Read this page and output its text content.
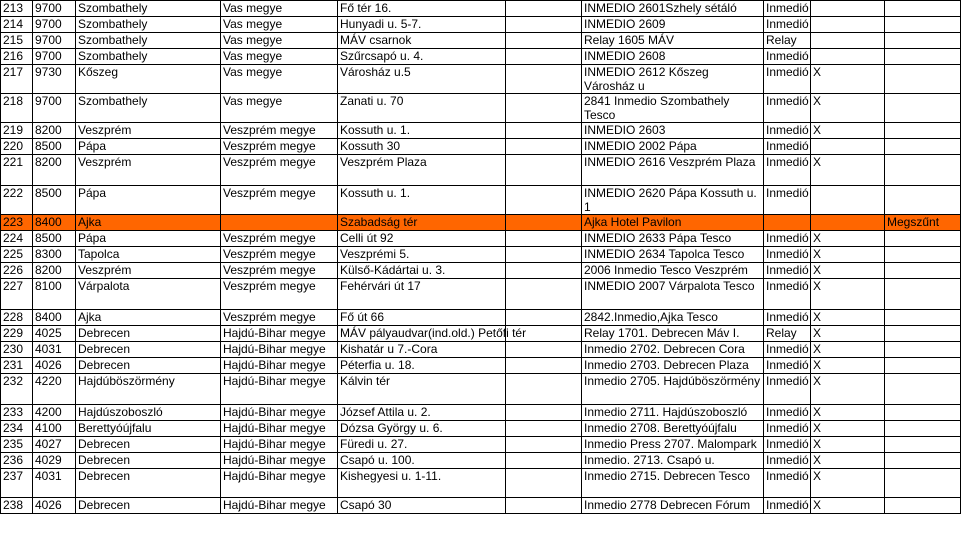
213	9700	Szombathely	Vas megye	Fő tér 16.		INMEDIO 2601Szhely sétáló	Inmedió		
214	9700	Szombathely	Vas megye	Hunyadi u. 5-7.		INMEDIO 2609	Inmedió		
215	9700	Szombathely	Vas megye	MÁV csarnok		Relay 1605 MÁV	Relay		
216	9700	Szombathely	Vas megye	Szűrcsapó u. 4.		INMEDIO 2608	Inmedió		
217	9730	Kőszeg	Vas megye	Városház u.5		INMEDIO 2612 Kőszeg Városház u	Inmedió	X	
218	9700	Szombathely	Vas megye	Zanati u. 70		2841 Inmedio Szombathely Tesco	Inmedió	X	
219	8200	Veszprém	Veszprém megye	Kossuth u. 1.		INMEDIO 2603	Inmedió	X	
220	8500	Pápa	Veszprém megye	Kossuth 30		INMEDIO 2002 Pápa	Inmedió		
221	8200	Veszprém	Veszprém megye	Veszprém Plaza		INMEDIO 2616 Veszprém Plaza	Inmedió	X	
222	8500	Pápa	Veszprém megye	Kossuth u. 1.		INMEDIO 2620 Pápa Kossuth u. 1	Inmedió		
223	8400	Ajka		Szabadság tér		Ajka Hotel Pavilon			Megszűnt
224	8500	Pápa	Veszprém megye	Celli út 92		INMEDIO 2633 Pápa Tesco	Inmedió	X	
225	8300	Tapolca	Veszprém megye	Veszprémi 5.		INMEDIO 2634 Tapolca Tesco	Inmedió	X	
226	8200	Veszprém	Veszprém megye	Külső-Kádártai u. 3.		2006 Inmedio Tesco Veszprém	Inmedió	X	
227	8100	Várpalota	Veszprém megye	Fehérvári út 17		INMEDIO 2007 Várpalota Tesco	Inmedió	X	
228	8400	Ajka	Veszprém megye	Fő út 66		2842.Inmedio,Ajka Tesco	Inmedió	X	
229	4025	Debrecen	Hajdú-Bihar megye	MÁV pályaudvar(ind.old.) Petőfi tér		Relay 1701. Debrecen Máv I.	Relay	X	
230	4031	Debrecen	Hajdú-Bihar megye	Kishatár u 7.-Cora		Inmedio 2702. Debrecen Cora	Inmedió	X	
231	4026	Debrecen	Hajdú-Bihar megye	Péterfia u. 18.		Inmedio 2703. Debrecen Plaza	Inmedió	X	
232	4220	Hajdúböszörmény	Hajdú-Bihar megye	Kálvin tér		Inmedio 2705. Hajdúböszörmény	Inmedió	X	
233	4200	Hajdúszoboszló	Hajdú-Bihar megye	József Attila u. 2.		Inmedio 2711. Hajdúszoboszló	Inmedió	X	
234	4100	Berettyóújfalu	Hajdú-Bihar megye	Dózsa György u. 6.		Inmedio 2708. Berettyóújfalu	Inmedió	X	
235	4027	Debrecen	Hajdú-Bihar megye	Füredi u. 27.		Inmedio Press 2707. Malompark	Inmedió	X	
236	4029	Debrecen	Hajdú-Bihar megye	Csapó u. 100.		Inmedio. 2713. Csapó u.	Inmedió	X	
237	4031	Debrecen	Hajdú-Bihar megye	Kishegyesi u. 1-11.		Inmedio 2715. Debrecen Tesco	Inmedió	X	
238	4026	Debrecen	Hajdú-Bihar megye	Csapó 30		Inmedio 2778 Debrecen Fórum	Inmedió	X	
